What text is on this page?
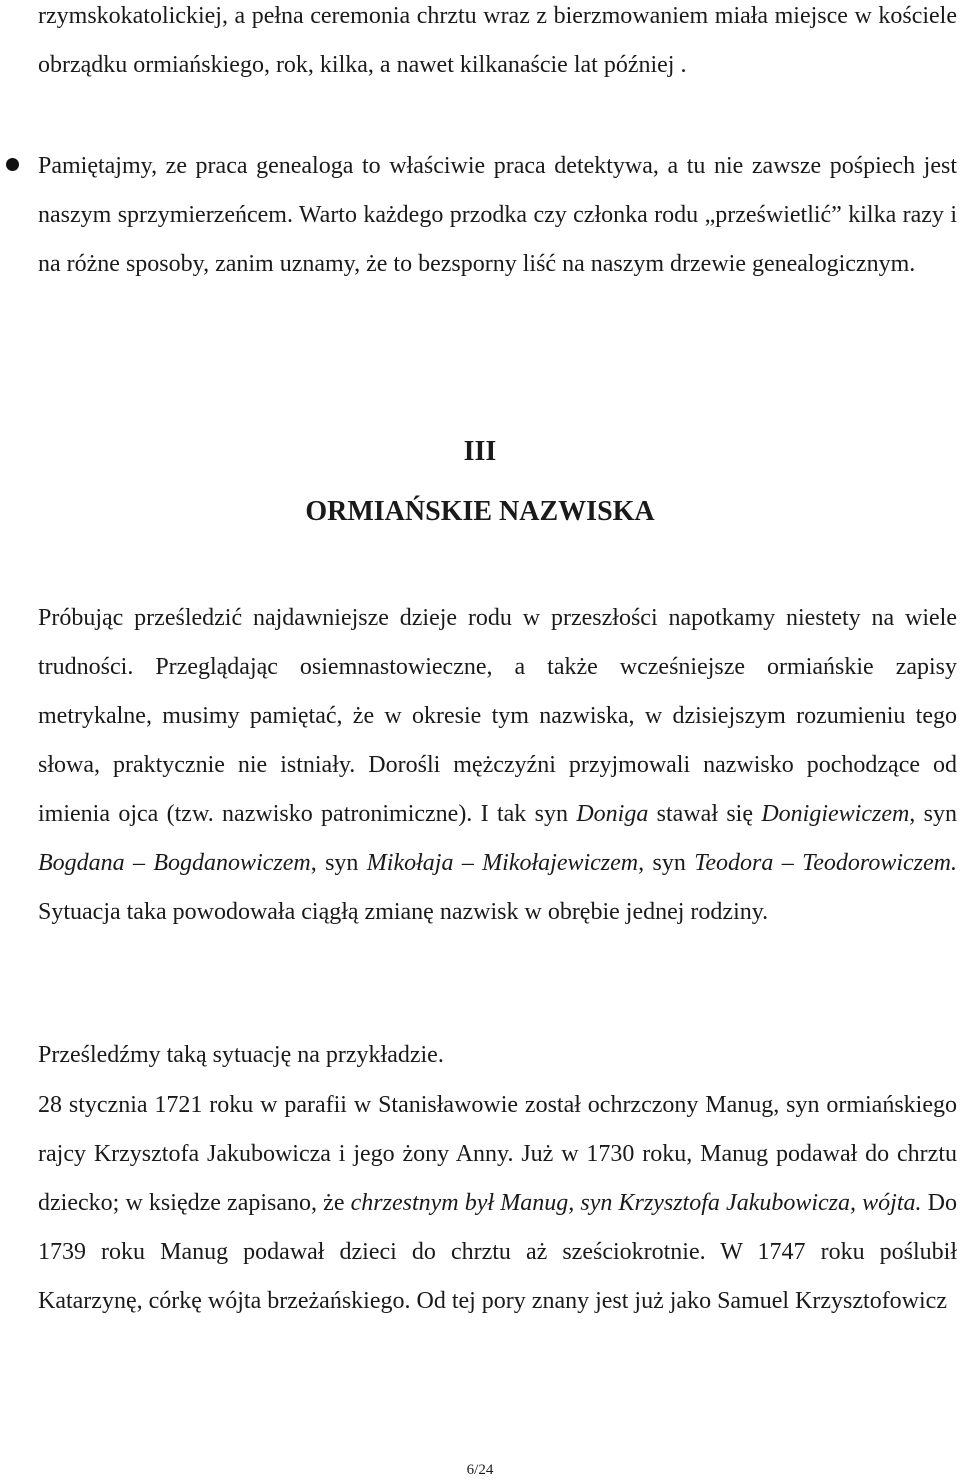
rzymskokatolickiej, a pełna ceremonia chrztu wraz z bierzmowaniem miała miejsce w kościele obrządku ormiańskiego, rok, kilka, a nawet kilkanaście lat później .
Pamiętajmy, ze praca genealoga to właściwie praca detektywa, a tu nie zawsze pośpiech jest naszym sprzymierzeńcem. Warto każdego przodka czy członka rodu „prześwietlić” kilka razy i na różne sposoby, zanim uznamy, że to bezsporny liść na naszym drzewie genealogicznym.
III
ORMIAŃSKIE NAZWISKA
Próbując prześledzić najdawniejsze dzieje rodu w przeszłości napotkamy niestety na wiele trudności. Przeglądając osiemnastowieczne, a także wcześniejsze ormiańskie zapisy metrykalne, musimy pamiętać, że w okresie tym nazwiska, w dzisiejszym rozumieniu tego słowa, praktycznie nie istniały. Dorośli mężczyźni przyjmowali nazwisko pochodzące od imienia ojca (tzw. nazwisko patronimiczne). I tak syn Doniga stawał się Donigiewiczem, syn Bogdana – Bogdanowiczem, syn Mikołaja – Mikołajewiczem, syn Teodora – Teodorowiczem. Sytuacja taka powodowała ciągłą zmianę nazwisk w obrębie jednej rodziny.
Prześledźmy taką sytuację na przykładzie.
28 stycznia 1721 roku w parafii w Stanisławowie został ochrzczony Manug, syn ormiańskiego rajcy Krzysztofa Jakubowicza i jego żony Anny. Już w 1730 roku, Manug podawał do chrztu dziecko; w księdze zapisano, że chrzestnym był Manug, syn Krzysztofa Jakubowicza, wójta. Do 1739 roku Manug podawał dzieci do chrztu aż sześciokrotnie. W 1747 roku poślubił Katarzynę, córkę wójta brzeżańskiego. Od tej pory znany jest już jako Samuel Krzysztofowicz
6/24
